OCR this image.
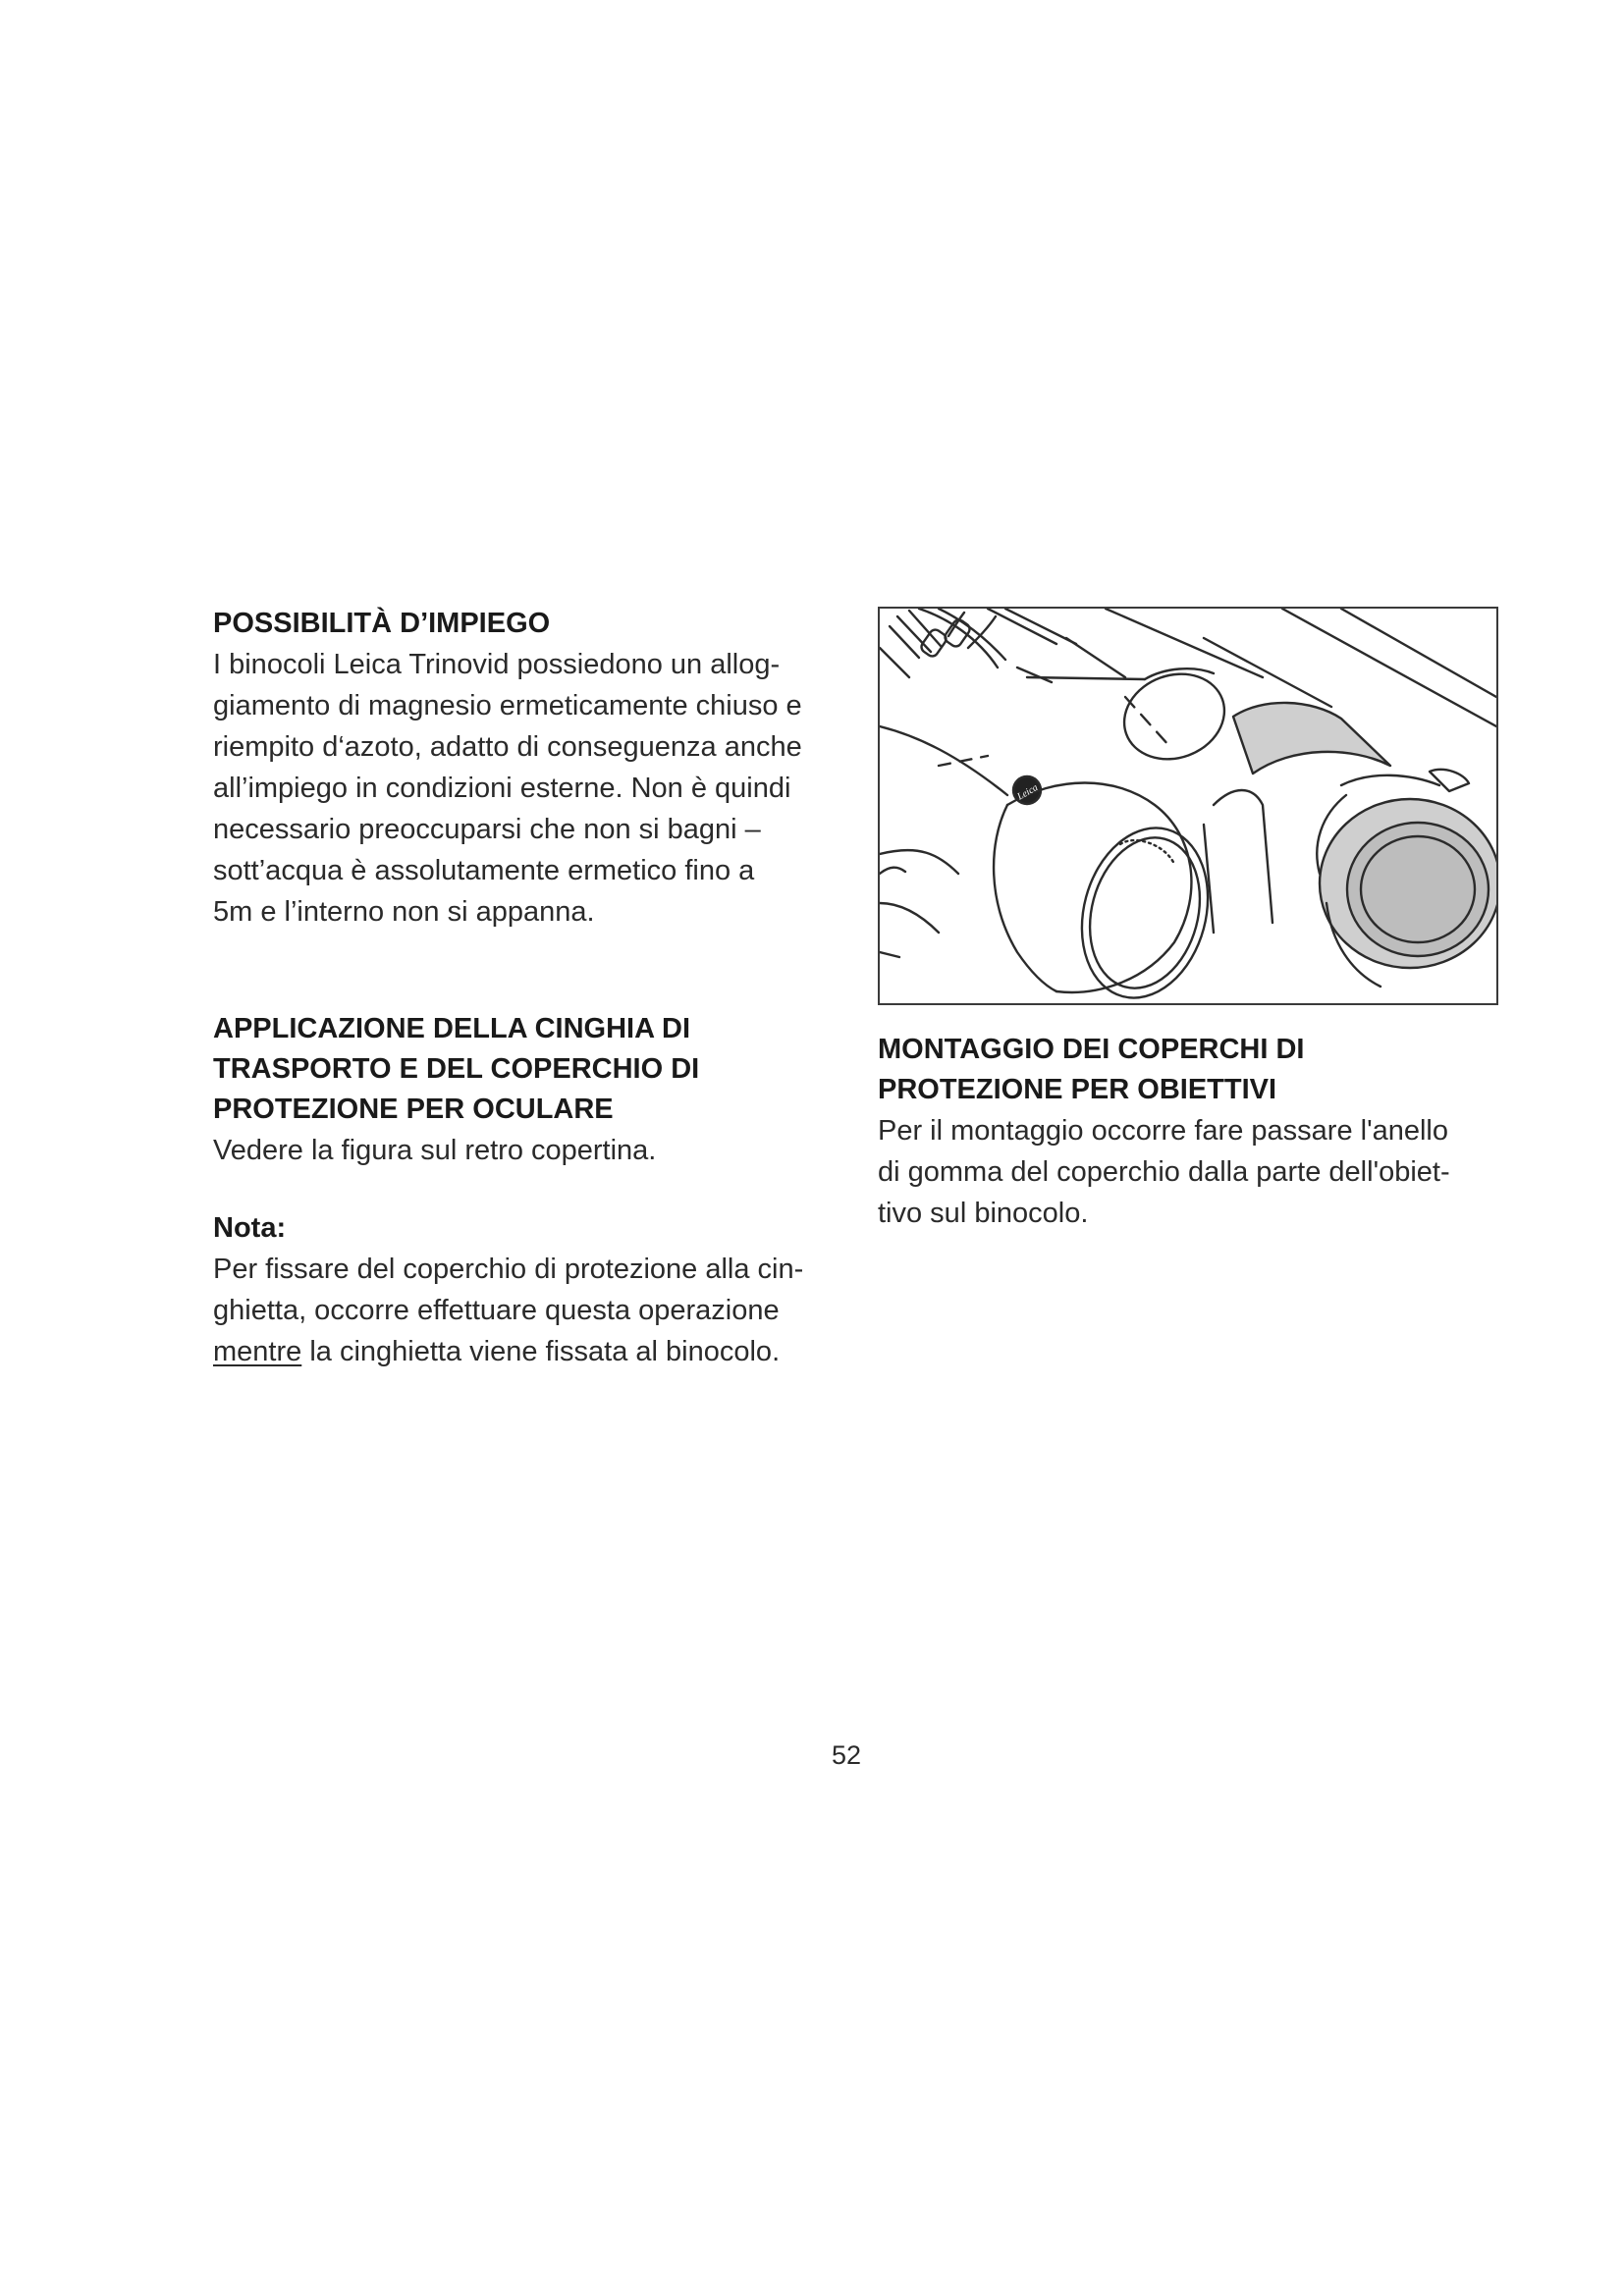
POSSIBILITÀ D’IMPIEGO

I binocoli Leica Trinovid possiedono un allog-
giamento di magnesio ermeticamente chiuso e
riempito d‘azoto, adatto di conseguenza anche
all’impiego in condizioni esterne. Non è quindi
necessario preoccuparsi che non si bagni –
sott’acqua è assolutamente ermetico fino a
5m e l’interno non si appanna.

APPLICAZIONE DELLA CINGHIA DI
TRASPORTO E DEL COPERCHIO DI
PROTEZIONE PER OCULARE

Vedere la figura sul retro copertina.

Nota:

Per fissare del coperchio di protezione alla cin-
ghietta, occorre effettuare questa operazione
mentre la cinghietta viene fissata al binocolo.

Leica
MONTAGGIO DEI COPERCHI DI
PROTEZIONE PER OBIETTIVI

Per il montaggio occorre fare passare l'anello
di gomma del coperchio dalla parte dell'obiet-
tivo sul binocolo.

52
